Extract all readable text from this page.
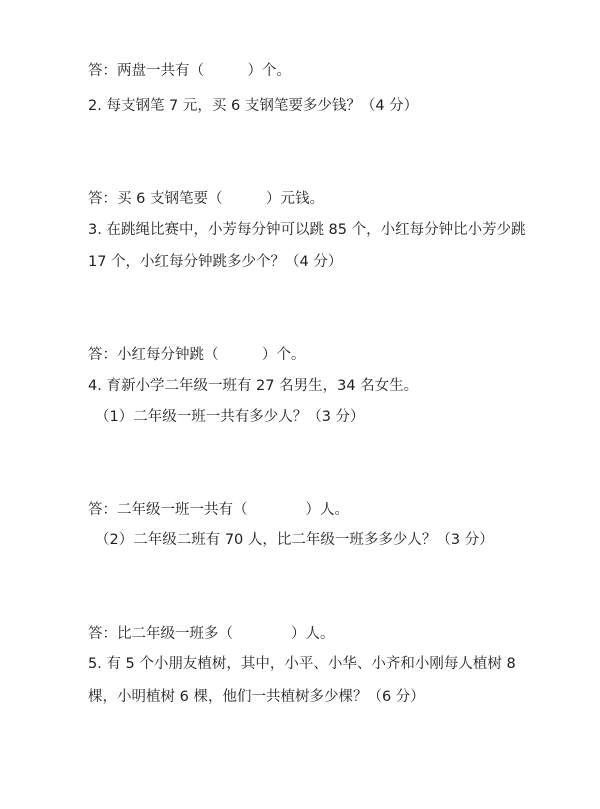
答：两盘一共有（　　　）个。
2. 每支钢笔 7 元，买 6 支钢笔要多少钱？（4 分）
答：买 6 支钢笔要（　　　）元钱。
3. 在跳绳比赛中，小芳每分钟可以跳 85 个，小红每分钟比小芳少跳
17 个，小红每分钟跳多少个？（4 分）
答：小红每分钟跳（　　　）个。
4. 育新小学二年级一班有 27 名男生，34 名女生。
（1）二年级一班一共有多少人？（3 分）
答：二年级一班一共有（　　　　）人。
（2）二年级二班有 70 人，比二年级一班多多少人？（3 分）
答：比二年级一班多（　　　　）人。
5. 有 5 个小朋友植树，其中，小平、小华、小齐和小刚每人植树 8
棵，小明植树 6 棵，他们一共植树多少棵？（6 分）
